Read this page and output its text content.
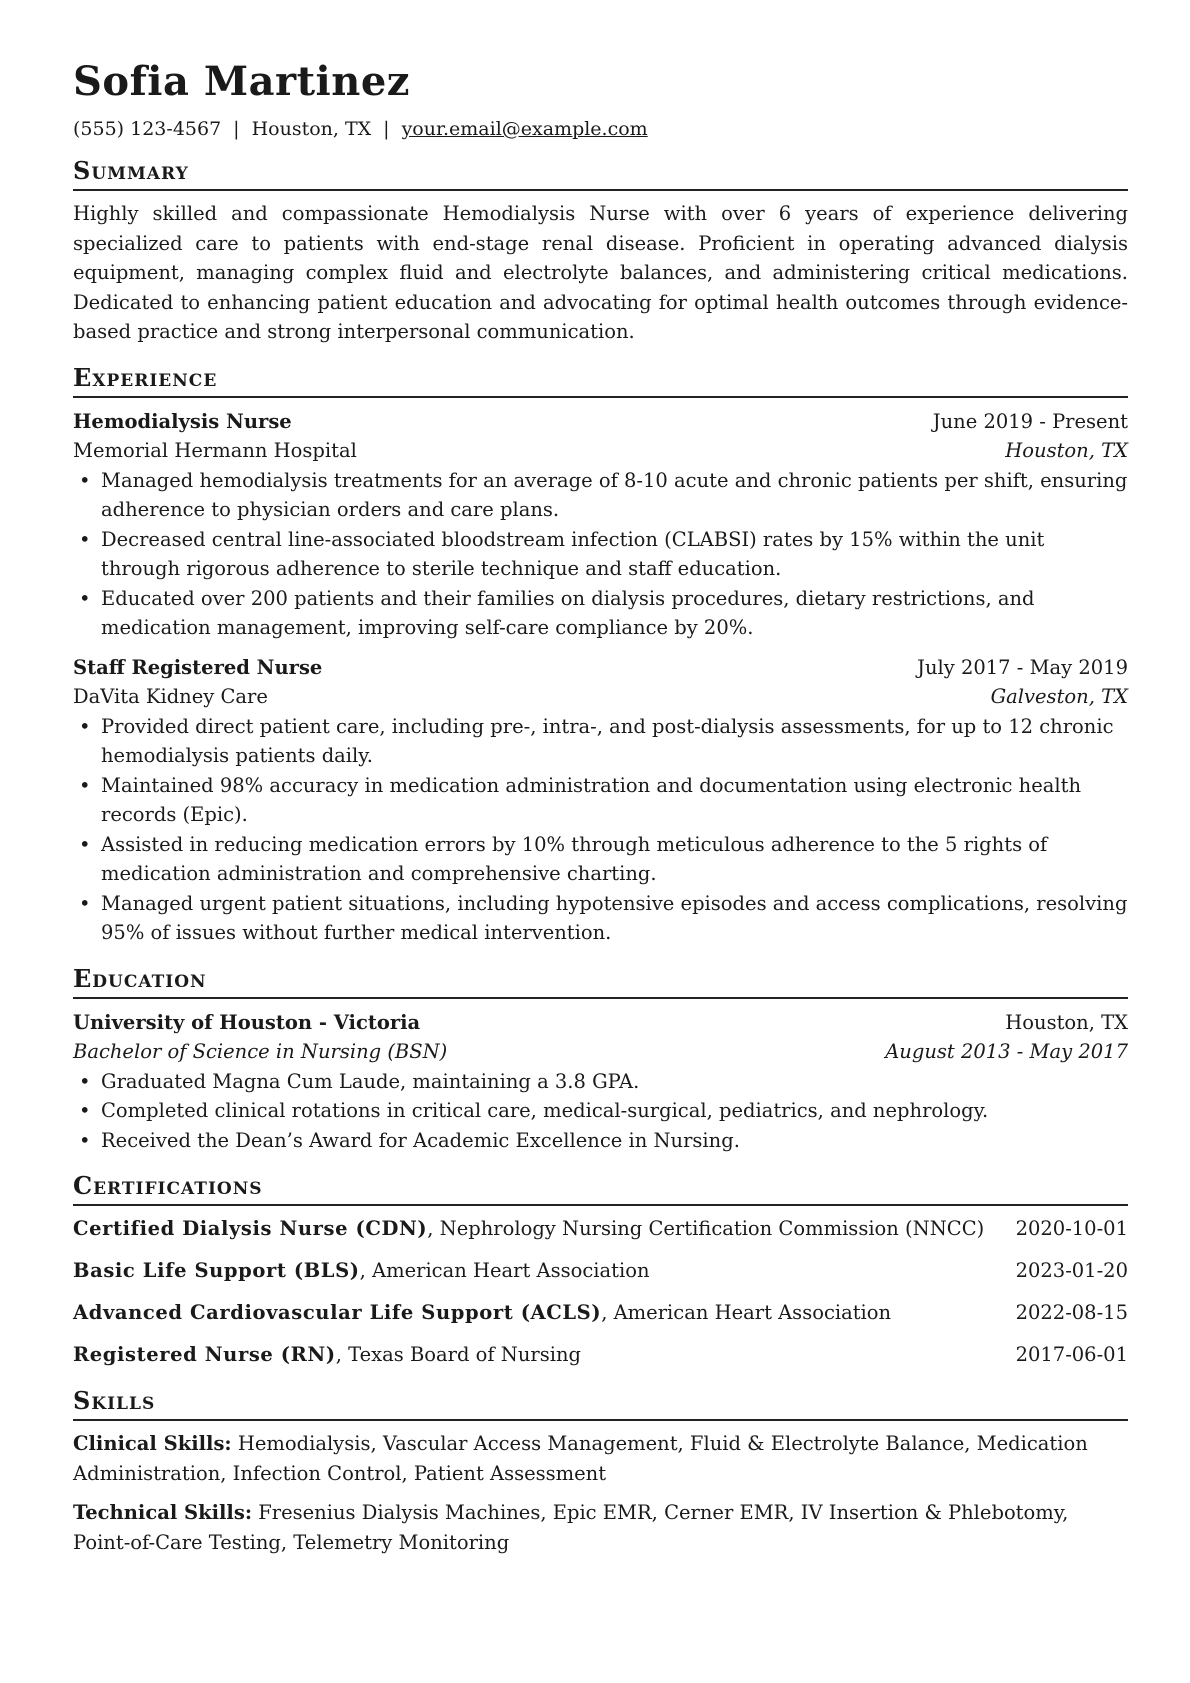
Sofia Martinez
(555) 123-4567 | Houston, TX | your.email@example.com
Summary

Highly skilled and compassionate Hemodialysis Nurse with over 6 years of experience delivering specialized care to patients with end-stage renal disease. Proficient in operating advanced dialysis equipment, managing complex fluid and electrolyte balances, and administering critical medications. Dedicated to enhancing patient education and advocating for optimal health outcomes through evidence-based practice and strong interpersonal communication.

Experience
Hemodialysis Nurse	June 2019 - Present
Memorial Hermann Hospital	Houston, TX
• Managed hemodialysis treatments for an average of 8-10 acute and chronic patients per shift, ensuring adherence to physician orders and care plans.
• Decreased central line-associated bloodstream infection (CLABSI) rates by 15% within the unit through rigorous adherence to sterile technique and staff education.
• Educated over 200 patients and their families on dialysis procedures, dietary restrictions, and medication management, improving self-care compliance by 20%.
Staff Registered Nurse	July 2017 - May 2019
DaVita Kidney Care	Galveston, TX
• Provided direct patient care, including pre-, intra-, and post-dialysis assessments, for up to 12 chronic hemodialysis patients daily.
• Maintained 98% accuracy in medication administration and documentation using electronic health records (Epic).
• Assisted in reducing medication errors by 10% through meticulous adherence to the 5 rights of medication administration and comprehensive charting.
• Managed urgent patient situations, including hypotensive episodes and access complications, resolving 95% of issues without further medical intervention.
Education
University of Houston - Victoria	Houston, TX
Bachelor of Science in Nursing (BSN)	August 2013 - May 2017
• Graduated Magna Cum Laude, maintaining a 3.8 GPA.
• Completed clinical rotations in critical care, medical-surgical, pediatrics, and nephrology.
• Received the Dean’s Award for Academic Excellence in Nursing.
Certifications
Certified Dialysis Nurse (CDN), Nephrology Nursing Certification Commission (NNCC) 2020-10-01
Basic Life Support (BLS), American Heart Association	2023-01-20
Advanced Cardiovascular Life Support (ACLS), American Heart Association	2022-08-15
Registered Nurse (RN), Texas Board of Nursing	2017-06-01
Skills
Clinical Skills: Hemodialysis, Vascular Access Management, Fluid & Electrolyte Balance, Medication Administration, Infection Control, Patient Assessment
Technical Skills: Fresenius Dialysis Machines, Epic EMR, Cerner EMR, IV Insertion & Phlebotomy, Point-of-Care Testing, Telemetry Monitoring
